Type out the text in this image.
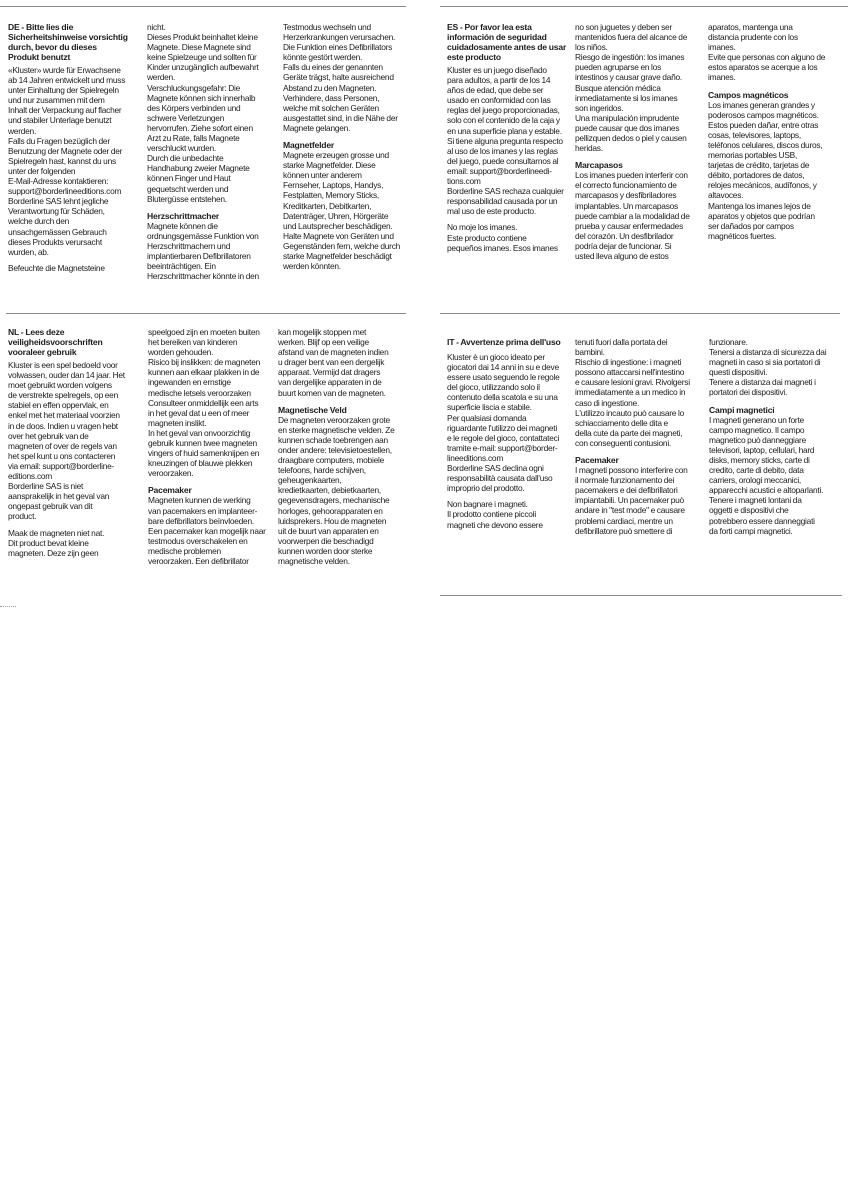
DE - Bitte lies die
Sicherheitshinweise vorsichtig
durch, bevor du dieses
Produkt benutzt

«Kluster» wurde für Erwachsene
ab 14 Jahren entwickelt und muss
unter Einhaltung der Spielregeln
und nur zusammen mit dem
Inhalt der Verpackung auf flacher
und stabiler Unterlage benutzt
werden.
Falls du Fragen bezüglich der
Benutzung der Magnete oder der
Spielregeln hast, kannst du uns
unter der folgenden
E-Mail-Adresse kontaktieren:
support@borderlineeditions.com
Borderline SAS lehnt jegliche
Verantwortung für Schäden,
welche durch den
unsachgemässen Gebrauch
dieses Produkts verursacht
wurden, ab.

Befeuchte die Magnetsteine

nicht.
Dieses Produkt beinhaltet kleine
Magnete. Diese Magnete sind
keine Spielzeuge und sollten für
Kinder unzugänglich aufbewahrt
werden.
Verschluckungsgefahr: Die
Magnete können sich innerhalb
des Körpers verbinden und
schwere Verletzungen
hervorrufen. Ziehe sofort einen
Arzt zu Rate, falls Magnete
verschluckt wurden.
Durch die unbedachte
Handhabung zweier Magnete
können Finger und Haut
gequetscht werden und
Blutergüsse entstehen.

Herzschrittmacher

Magnete können die
ordnungsgemässe Funktion von
Herzschrittmachern und
implantierbaren Defibrillatoren
beeinträchtigen. Ein
Herzschrittmacher könnte in den

Testmodus wechseln und
Herzerkrankungen verursachen.
Die Funktion eines Defibrillators
könnte gestört werden.
Falls du eines der genannten
Geräte trägst, halte ausreichend
Abstand zu den Magneten.
Verhindere, dass Personen,
welche mit solchen Geräten
ausgestattet sind, in die Nähe der
Magnete gelangen.

Magnetfelder

Magnete erzeugen grosse und
starke Magnetfelder. Diese
können unter anderem
Fernseher, Laptops, Handys,
Festplatten, Memory Sticks,
Kreditkarten, Debitkarten,
Datenträger, Uhren, Hörgeräte
und Lautsprecher beschädigen.
Halte Magnete von Geräten und
Gegenständen fern, welche durch
starke Magnetfelder beschädigt
werden könnten.

ES - Por favor lea esta
información de seguridad
cuidadosamente antes de usar
este producto

Kluster es un juego diseñado
para adultos, a partir de los 14
años de edad, que debe ser
usado en conformidad con las
reglas del juego proporcionadas,
solo con el contenido de la caja y
en una superficie plana y estable.
Si tiene alguna pregunta respecto
al uso de los imanes y las reglas
del juego, puede consultarnos al
email: support@borderlineedi-
tions.com
Borderline SAS rechaza cualquier
responsabilidad causada por un
mal uso de este producto.

No moje los imanes.
Este producto contiene
pequeños imanes. Esos imanes

no son juguetes y deben ser
mantenidos fuera del alcance de
los niños.
Riesgo de ingestión: los imanes
pueden agruparse en los
intestinos y causar grave daño.
Busque atención médica
inmediatamente si los imanes
son ingeridos.
Una manipulación imprudente
puede causar que dos imanes
pellizquen dedos o piel y causen
heridas.

Marcapasos

Los imanes pueden interferir con
el correcto funcionamiento de
marcapasos y desfibriladores
implantables. Un marcapasos
puede cambiar a la modalidad de
prueba y causar enfermedades
del corazón. Un desfibrilador
podría dejar de funcionar. Si
usted lleva alguno de estos

aparatos, mantenga una
distancia prudente con los
imanes.
Evite que personas con alguno de
estos aparatos se acerque a los
imanes.

Campos magnéticos

Los imanes generan grandes y
poderosos campos magnéticos.
Estos pueden dañar, entre otras
cosas, televisores, laptops,
teléfonos celulares, discos duros,
memorias portables USB,
tarjetas de crédito, tarjetas de
débito, portadores de datos,
relojes mecánicos, audífonos, y
altavoces.
Mantenga los imanes lejos de
aparatos y objetos que podrían
ser dañados por campos
magnéticos fuertes.

NL - Lees deze
veiligheidsvoorschriften
vooraleer gebruik

Kluster is een spel bedoeld voor
volwassen, ouder dan 14 jaar. Het
moet gebruikt worden volgens
de verstrekte spelregels, op een
stabiel en effen oppervlak, en
enkel met het materiaal voorzien
in de doos. Indien u vragen hebt
over het gebruik van de
magneten of over de regels van
het spel kunt u ons contacteren
via email: support@borderline-
editions.com
Borderline SAS is niet
aansprakelijk in het geval van
ongepast gebruik van dit
product.

Maak de magneten niet nat.
Dit product bevat kleine
magneten. Deze zijn geen

speelgoed zijn en moeten buiten
het bereiken van kinderen
worden gehouden.
Risico bij inslikken: de magneten
kunnen aan elkaar plakken in de
ingewanden en ernstige
medische letsels veroorzaken
Consulteer onmiddellijk een arts
in het geval dat u een of meer
magneten inslikt.
In het geval van onvoorzichtig
gebruik kunnen twee magneten
vingers of huid samenknijpen en
kneuzingen of blauwe plekken
veroorzaken.

Pacemaker

Magneten kunnen de werking
van pacemakers en implanteer-
bare defibrillators beïnvloeden.
Een pacemaker kan mogelijk naar
testmodus overschakelen en
medische problemen
veroorzaken. Een defibrillator

kan mogelijk stoppen met
werken. Blijf op een veilige
afstand van de magneten indien
u drager bent van een dergelijk
apparaat. Vermijd dat dragers
van dergelijke apparaten in de
buurt komen van de magneten.

Magnetische Veld

De magneten veroorzaken grote
en sterke magnetische velden. Ze
kunnen schade toebrengen aan
onder andere: televisietoestellen,
draagbare computers, mobiele
telefoons, harde schijven,
geheugenkaarten,
kredietkaarten, debietkaarten,
gegevensdragers, mechanische
horloges, gehoorapparaten en
luidsprekers. Hou de magneten
uit de buurt van apparaten en
voorwerpen die beschadigd
kunnen worden door sterke
magnetische velden.

IT - Avvertenze prima dell'uso

Kluster è un gioco ideato per
giocatori dai 14 anni in su e deve
essere usato seguendo le regole
del gioco, utilizzando solo il
contenuto della scatola e su una
superficie liscia e stabile.
Per qualsiasi domanda
riguardante l'utilizzo dei magneti
e le regole del gioco, contattateci
tramite e-mail: support@border-
lineeditions.com
Borderline SAS declina ogni
responsabilità causata dall'uso
improprio del prodotto.

Non bagnare i magneti.
Il prodotto contiene piccoli
magneti che devono essere

tenuti fuori dalla portata dei
bambini.
Rischio di ingestione: i magneti
possono attaccarsi nell'intestino
e causare lesioni gravi. Rivolgersi
immediatamente a un medico in
caso di ingestione.
L'utilizzo incauto può causare lo
schiacciamento delle dita e
della cute da parte dei magneti,
con conseguenti contusioni.

Pacemaker

I magneti possono interferire con
il normale funzionamento dei
pacemakers e dei defibrillatori
impiantabili. Un pacemaker può
andare in "test mode" e causare
problemi cardiaci, mentre un
defibrillatore può smettere di

funzionare.
Tenersi a distanza di sicurezza dai
magneti in caso si sia portatori di
questi dispositivi.
Tenere a distanza dai magneti i
portatori dei dispositivi.

Campi magnetici

I magneti generano un forte
campo magnetico. Il campo
magnetico può danneggiare
televisori, laptop, cellulari, hard
disks, memory sticks, carte di
credito, carte di debito, data
carriers, orologi meccanici,
apparecchi acustici e altoparlanti.
Tenere i magneti lontani da
oggetti e dispositivi che
potrebbero essere danneggiati
da forti campi magnetici.
